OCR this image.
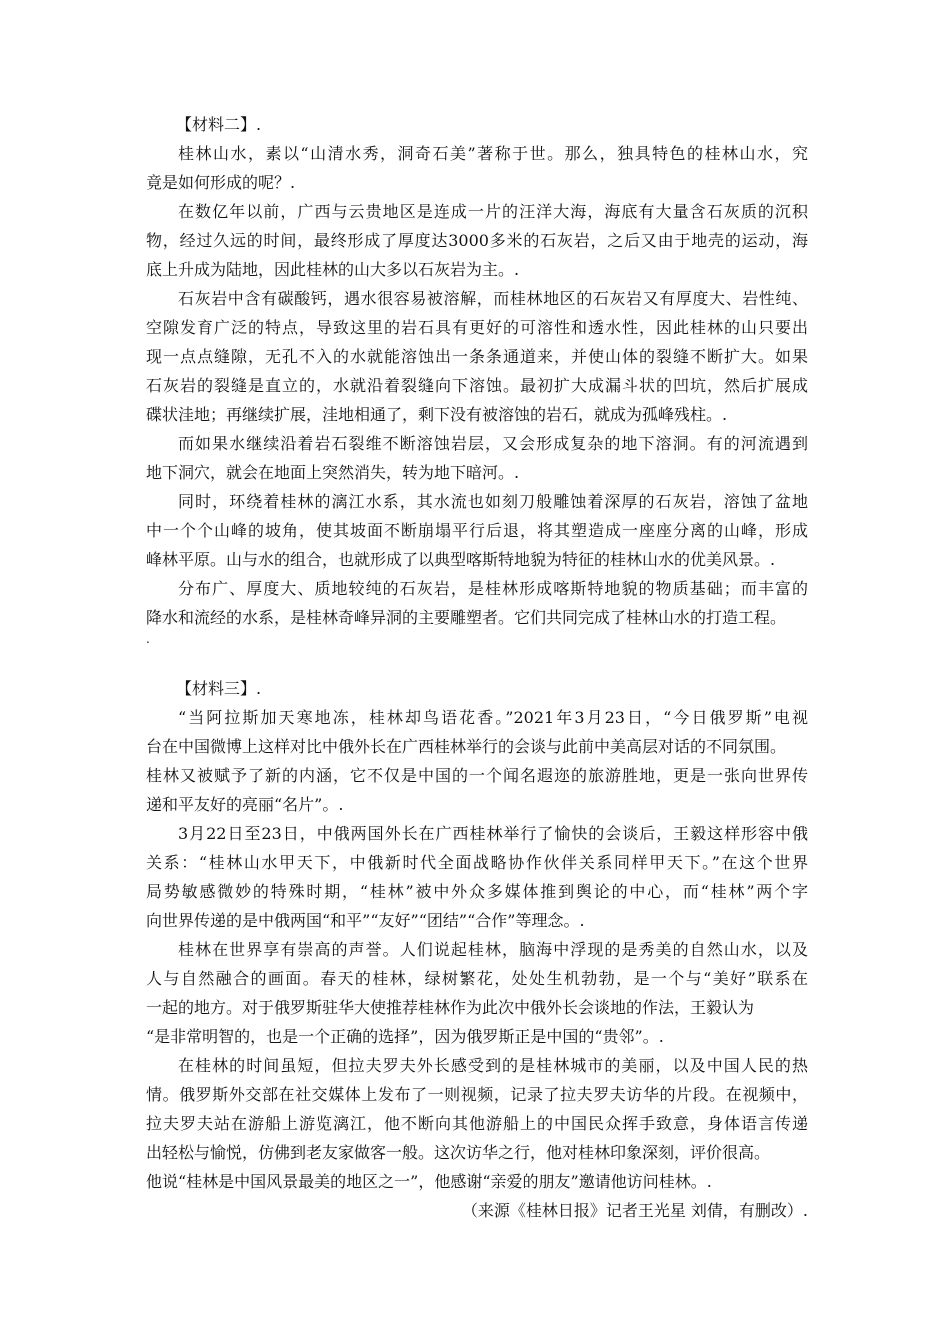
【材料二】.
桂林山水，素以“山清水秀，洞奇石美”著称于世。那么，独具特色的桂林山水，究
竟是如何形成的呢？.
在数亿年以前，广西与云贵地区是连成一片的汪洋大海，海底有大量含石灰质的沉积
物，经过久远的时间，最终形成了厚度达3000多米的石灰岩，之后又由于地壳的运动，海
底上升成为陆地，因此桂林的山大多以石灰岩为主。.
石灰岩中含有碳酸钙，遇水很容易被溶解，而桂林地区的石灰岩又有厚度大、岩性纯、
空隙发育广泛的特点，导致这里的岩石具有更好的可溶性和透水性，因此桂林的山只要出
现一点点缝隙，无孔不入的水就能溶蚀出一条条通道来，并使山体的裂缝不断扩大。如果
石灰岩的裂缝是直立的，水就沿着裂缝向下溶蚀。最初扩大成漏斗状的凹坑，然后扩展成
碟状洼地；再继续扩展，洼地相通了，剩下没有被溶蚀的岩石，就成为孤峰残柱。.
而如果水继续沿着岩石裂维不断溶蚀岩层，又会形成复杂的地下溶洞。有的河流遇到
地下洞穴，就会在地面上突然消失，转为地下暗河。.
同时，环绕着桂林的漓江水系，其水流也如刻刀般雕蚀着深厚的石灰岩，溶蚀了盆地
中一个个山峰的坡角，使其坡面不断崩塌平行后退，将其塑造成一座座分离的山峰，形成
峰林平原。山与水的组合，也就形成了以典型喀斯特地貌为特征的桂林山水的优美风景。.
分布广、厚度大、质地较纯的石灰岩，是桂林形成喀斯特地貌的物质基础；而丰富的
降水和流经的水系，是桂林奇峰异洞的主要雕塑者。它们共同完成了桂林山水的打造工程。
.
【材料三】.
“当阿拉斯加天寒地冻，桂林却鸟语花香。”2021年3月23日，“今日俄罗斯”电视
台在中国微博上这样对比中俄外长在广西桂林举行的会谈与此前中美高层对话的不同氛围。
桂林又被赋予了新的内涵，它不仅是中国的一个闻名遐迩的旅游胜地，更是一张向世界传
递和平友好的亮丽“名片”。.
3月22日至23日，中俄两国外长在广西桂林举行了愉快的会谈后，王毅这样形容中俄
关系：“桂林山水甲天下，中俄新时代全面战略协作伙伴关系同样甲天下。”在这个世界
局势敏感微妙的特殊时期，“桂林”被中外众多媒体推到舆论的中心，而“桂林”两个字
向世界传递的是中俄两国“和平”“友好”“团结”“合作”等理念。.
桂林在世界享有崇高的声誉。人们说起桂林，脑海中浮现的是秀美的自然山水，以及
人与自然融合的画面。春天的桂林，绿树繁花，处处生机勃勃，是一个与“美好”联系在
一起的地方。对于俄罗斯驻华大使推荐桂林作为此次中俄外长会谈地的作法，王毅认为
“是非常明智的，也是一个正确的选择”，因为俄罗斯正是中国的“贵邻”。.
在桂林的时间虽短，但拉夫罗夫外长感受到的是桂林城市的美丽，以及中国人民的热
情。俄罗斯外交部在社交媒体上发布了一则视频，记录了拉夫罗夫访华的片段。在视频中，
拉夫罗夫站在游船上游览漓江，他不断向其他游船上的中国民众挥手致意，身体语言传递
出轻松与愉悦，仿佛到老友家做客一般。这次访华之行，他对桂林印象深刻，评价很高。
他说“桂林是中国风景最美的地区之一”，他感谢“亲爱的朋友”邀请他访问桂林。.
（来源《桂林日报》记者王光星 刘倩，有删改）.
